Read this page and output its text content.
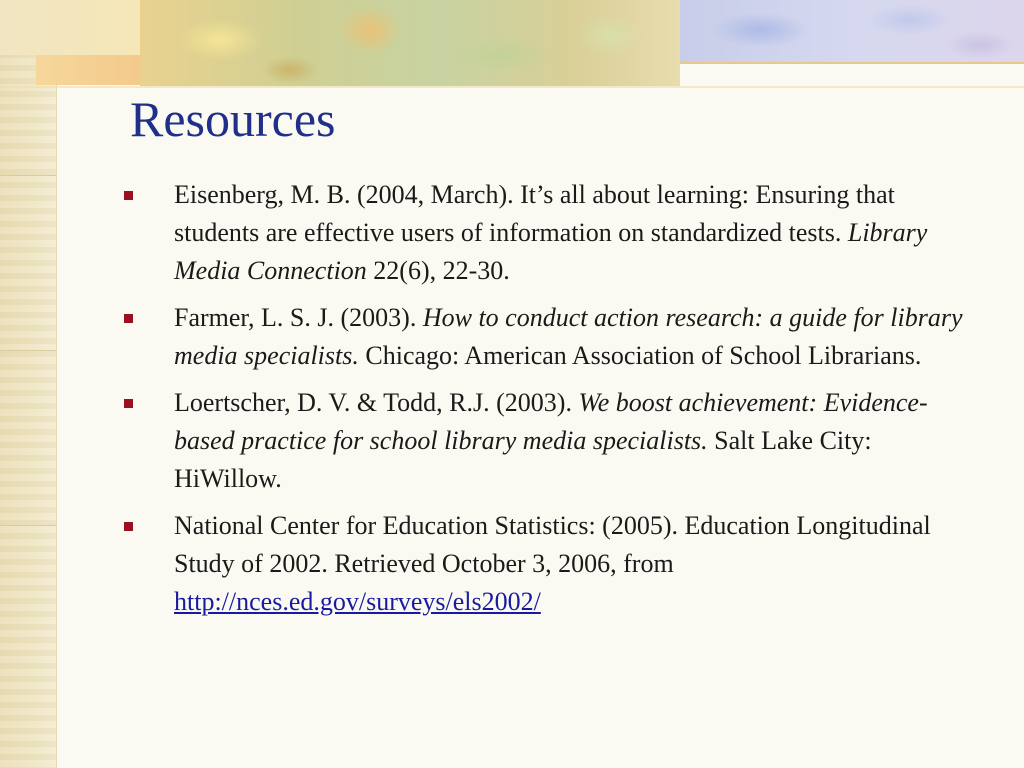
Resources
Eisenberg, M. B. (2004, March). It’s all about learning: Ensuring that students are effective users of information on standardized tests. Library Media Connection 22(6), 22-30.
Farmer, L. S. J. (2003). How to conduct action research: a guide for library media specialists. Chicago: American Association of School Librarians.
Loertscher, D. V. & Todd, R.J. (2003). We boost achievement: Evidence-based practice for school library media specialists. Salt Lake City: HiWillow.
National Center for Education Statistics: (2005). Education Longitudinal Study of 2002. Retrieved October 3, 2006, from http://nces.ed.gov/surveys/els2002/
